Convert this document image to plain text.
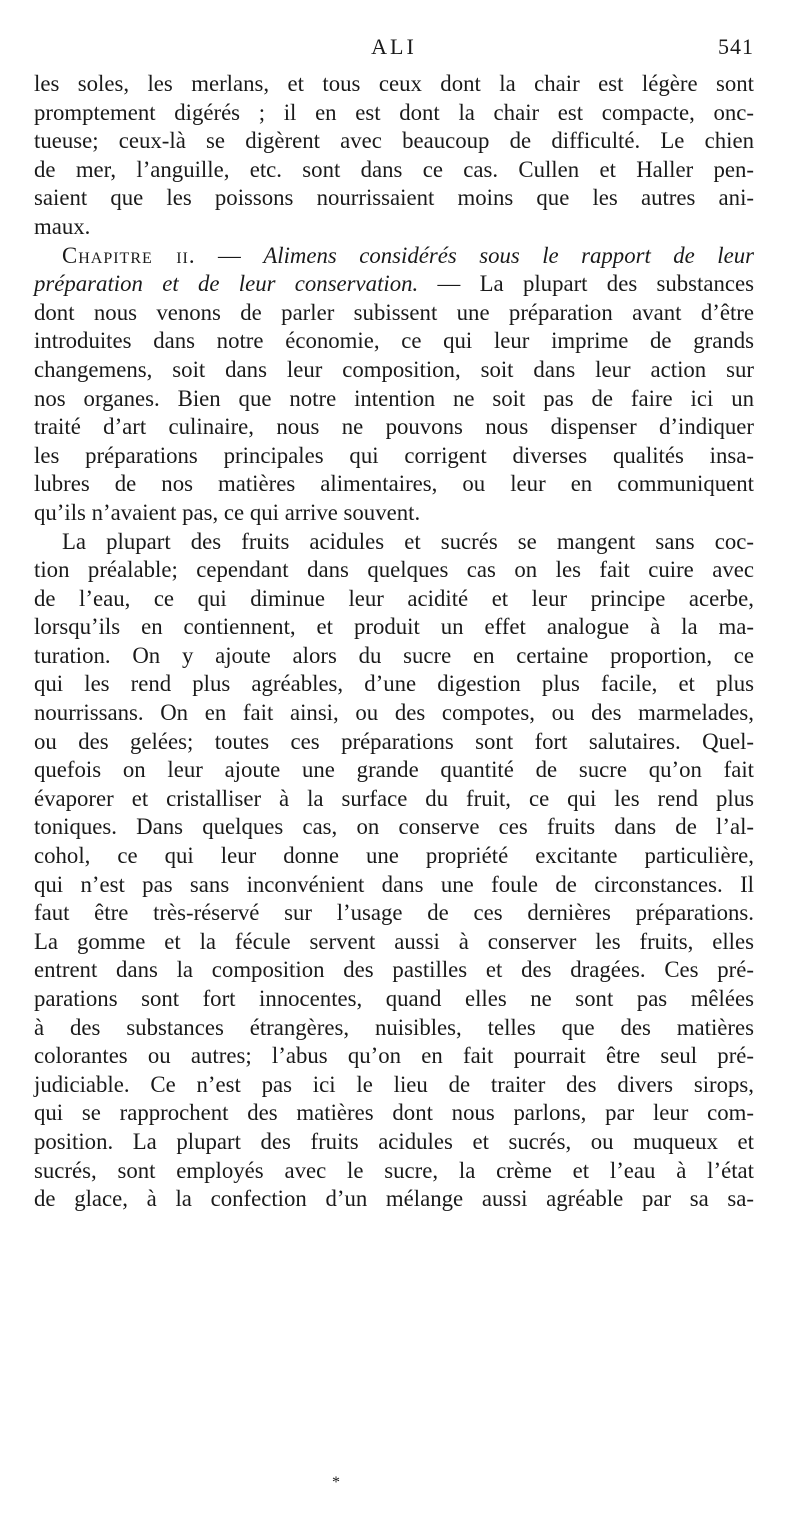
ALI	541
les soles, les merlans, et tous ceux dont la chair est légère sont
promptement digérés ; il en est dont la chair est compacte, onc-
tueuse; ceux-là se digèrent avec beaucoup de difficulté. Le chien
de mer, l’anguille, etc. sont dans ce cas. Cullen et Haller pen-
saient que les poissons nourrissaient moins que les autres ani-
maux.
Chapitre ii. — Alimens considérés sous le rapport de leur
préparation et de leur conservation. — La plupart des substances
dont nous venons de parler subissent une préparation avant d’être
introduites dans notre économie, ce qui leur imprime de grands
changemens, soit dans leur composition, soit dans leur action sur
nos organes. Bien que notre intention ne soit pas de faire ici un
traité d’art culinaire, nous ne pouvons nous dispenser d’indiquer
les préparations principales qui corrigent diverses qualités insa-
lubres de nos matières alimentaires, ou leur en communiquent
qu’ils n’avaient pas, ce qui arrive souvent.
La plupart des fruits acidules et sucrés se mangent sans coc-
tion préalable; cependant dans quelques cas on les fait cuire avec
de l’eau, ce qui diminue leur acidité et leur principe acerbe,
lorsqu’ils en contiennent, et produit un effet analogue à la ma-
turation. On y ajoute alors du sucre en certaine proportion, ce
qui les rend plus agréables, d’une digestion plus facile, et plus
nourrissans. On en fait ainsi, ou des compotes, ou des marmelades,
ou des gelées; toutes ces préparations sont fort salutaires. Quel-
quefois on leur ajoute une grande quantité de sucre qu’on fait
évaporer et cristalliser à la surface du fruit, ce qui les rend plus
toniques. Dans quelques cas, on conserve ces fruits dans de l’al-
cohol, ce qui leur donne une propriété excitante particulière,
qui n’est pas sans inconvénient dans une foule de circonstances. Il
faut être très-réservé sur l’usage de ces dernières préparations.
La gomme et la fécule servent aussi à conserver les fruits, elles
entrent dans la composition des pastilles et des dragées. Ces pré-
parations sont fort innocentes, quand elles ne sont pas mêlées
à des substances étrangères, nuisibles, telles que des matières
colorantes ou autres; l’abus qu’on en fait pourrait être seul pré-
judiciable. Ce n’est pas ici le lieu de traiter des divers sirops,
qui se rapprochent des matières dont nous parlons, par leur com-
position. La plupart des fruits acidules et sucrés, ou muqueux et
sucrés, sont employés avec le sucre, la crème et l’eau à l’état
de glace, à la confection d’un mélange aussi agréable par sa sa-
*
